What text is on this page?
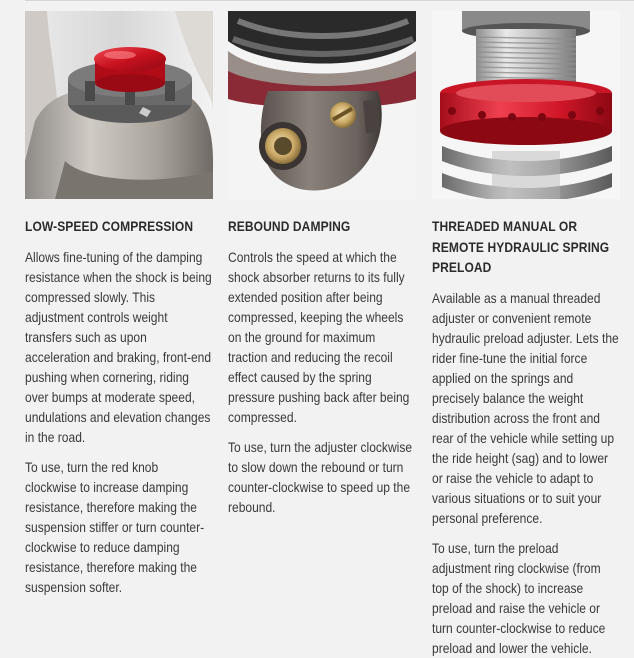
LOW-SPEED COMPRESSION

Allows fine-tuning of the damping resistance when the shock is being compressed slowly. This adjustment controls weight transfers such as upon acceleration and braking, front-end pushing when cornering, riding over bumps at moderate speed, undulations and elevation changes in the road.

To use, turn the red knob clockwise to increase damping resistance, therefore making the suspension stiffer or turn counter-clockwise to reduce damping resistance, therefore making the suspension softer.

REBOUND DAMPING

Controls the speed at which the shock absorber returns to its fully extended position after being compressed, keeping the wheels on the ground for maximum traction and reducing the recoil effect caused by the spring pressure pushing back after being compressed.

To use, turn the adjuster clockwise to slow down the rebound or turn counter-clockwise to speed up the rebound.

THREADED MANUAL OR REMOTE HYDRAULIC SPRING PRELOAD

Available as a manual threaded adjuster or convenient remote hydraulic preload adjuster. Lets the rider fine-tune the initial force applied on the springs and precisely balance the weight distribution across the front and rear of the vehicle while setting up the ride height (sag) and to lower or raise the vehicle to adapt to various situations or to suit your personal preference.

To use, turn the preload adjustment ring clockwise (from top of the shock) to increase preload and raise the vehicle or turn counter-clockwise to reduce preload and lower the vehicle.
